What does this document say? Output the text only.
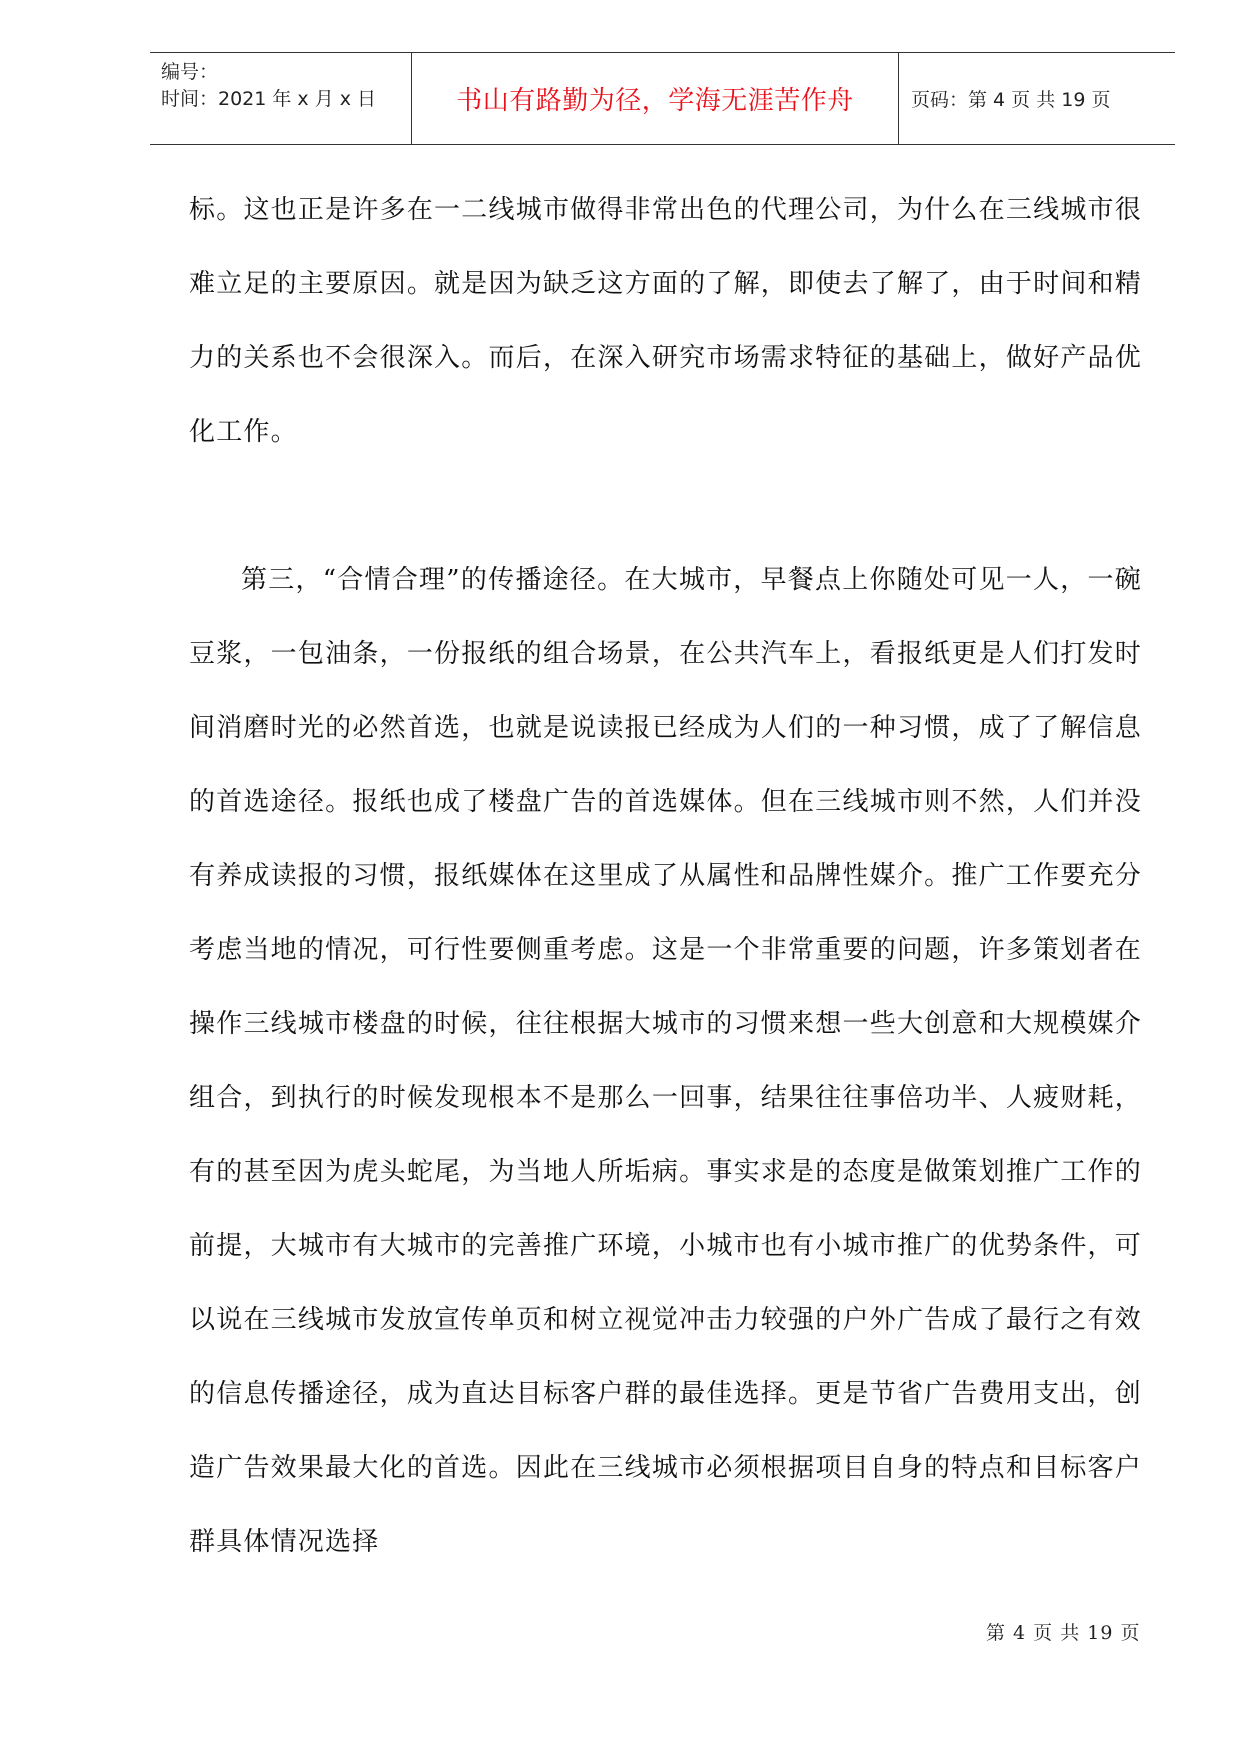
编号：
时间：2021 年 x 月 x 日	书山有路勤为径，学海无涯苦作舟	页码：第 4 页 共 19 页

标。这也正是许多在一二线城市做得非常出色的代理公司，为什么在三线城市很难立足的主要原因。就是因为缺乏这方面的了解，即使去了解了，由于时间和精力的关系也不会很深入。而后，在深入研究市场需求特征的基础上，做好产品优化工作。

第三，“合情合理”的传播途径。在大城市，早餐点上你随处可见一人，一碗豆浆，一包油条，一份报纸的组合场景，在公共汽车上，看报纸更是人们打发时间消磨时光的必然首选，也就是说读报已经成为人们的一种习惯，成了了解信息的首选途径。报纸也成了楼盘广告的首选媒体。但在三线城市则不然，人们并没有养成读报的习惯，报纸媒体在这里成了从属性和品牌性媒介。推广工作要充分考虑当地的情况，可行性要侧重考虑。这是一个非常重要的问题，许多策划者在操作三线城市楼盘的时候，往往根据大城市的习惯来想一些大创意和大规模媒介组合，到执行的时候发现根本不是那么一回事，结果往往事倍功半、人疲财耗，有的甚至因为虎头蛇尾，为当地人所垢病。事实求是的态度是做策划推广工作的前提，大城市有大城市的完善推广环境，小城市也有小城市推广的优势条件，可以说在三线城市发放宣传单页和树立视觉冲击力较强的户外广告成了最行之有效的信息传播途径，成为直达目标客户群的最佳选择。更是节省广告费用支出，创造广告效果最大化的首选。因此在三线城市必须根据项目自身的特点和目标客户群具体情况选择

第 4 页 共 19 页
